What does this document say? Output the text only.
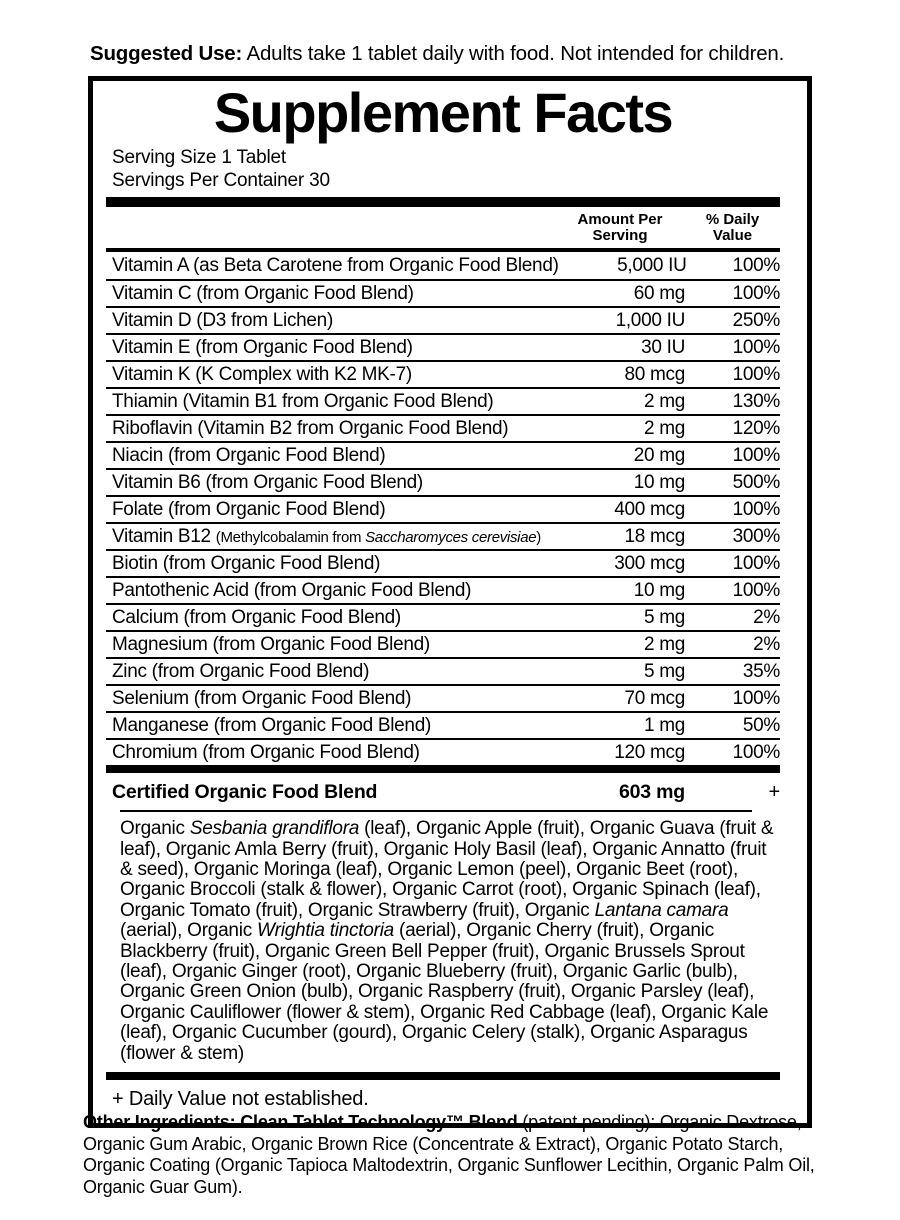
Suggested Use: Adults take 1 tablet daily with food. Not intended for children.
Supplement Facts
Serving Size 1 Tablet
Servings Per Container 30
Amount Per Serving
% Daily Value
Vitamin A (as Beta Carotene from Organic Food Blend)	5,000 IU	100%
Vitamin C (from Organic Food Blend)	60 mg	100%
Vitamin D (D3 from Lichen)	1,000 IU	250%
Vitamin E (from Organic Food Blend)	30 IU	100%
Vitamin K (K Complex with K2 MK-7)	80 mcg	100%
Thiamin (Vitamin B1 from Organic Food Blend)	2 mg	130%
Riboflavin (Vitamin B2 from Organic Food Blend)	2 mg	120%
Niacin (from Organic Food Blend)	20 mg	100%
Vitamin B6 (from Organic Food Blend)	10 mg	500%
Folate (from Organic Food Blend)	400 mcg	100%
Vitamin B12 (Methylcobalamin from Saccharomyces cerevisiae)	18 mcg	300%
Biotin (from Organic Food Blend)	300 mcg	100%
Pantothenic Acid (from Organic Food Blend)	10 mg	100%
Calcium (from Organic Food Blend)	5 mg	2%
Magnesium (from Organic Food Blend)	2 mg	2%
Zinc (from Organic Food Blend)	5 mg	35%
Selenium (from Organic Food Blend)	70 mcg	100%
Manganese (from Organic Food Blend)	1 mg	50%
Chromium (from Organic Food Blend)	120 mcg	100%
Certified Organic Food Blend	603 mg	+
Organic Sesbania grandiflora (leaf), Organic Apple (fruit), Organic Guava (fruit & leaf), Organic Amla Berry (fruit), Organic Holy Basil (leaf), Organic Annatto (fruit & seed), Organic Moringa (leaf), Organic Lemon (peel), Organic Beet (root), Organic Broccoli (stalk & flower), Organic Carrot (root), Organic Spinach (leaf), Organic Tomato (fruit), Organic Strawberry (fruit), Organic Lantana camara (aerial), Organic Wrightia tinctoria (aerial), Organic Cherry (fruit), Organic Blackberry (fruit), Organic Green Bell Pepper (fruit), Organic Brussels Sprout (leaf), Organic Ginger (root), Organic Blueberry (fruit), Organic Garlic (bulb), Organic Green Onion (bulb), Organic Raspberry (fruit), Organic Parsley (leaf), Organic Cauliflower (flower & stem), Organic Red Cabbage (leaf), Organic Kale (leaf), Organic Cucumber (gourd), Organic Celery (stalk), Organic Asparagus (flower & stem)
+ Daily Value not established.
Other Ingredients: Clean Tablet Technology™ Blend (patent pending): Organic Dextrose, Organic Gum Arabic, Organic Brown Rice (Concentrate & Extract), Organic Potato Starch, Organic Coating (Organic Tapioca Maltodextrin, Organic Sunflower Lecithin, Organic Palm Oil, Organic Guar Gum).
